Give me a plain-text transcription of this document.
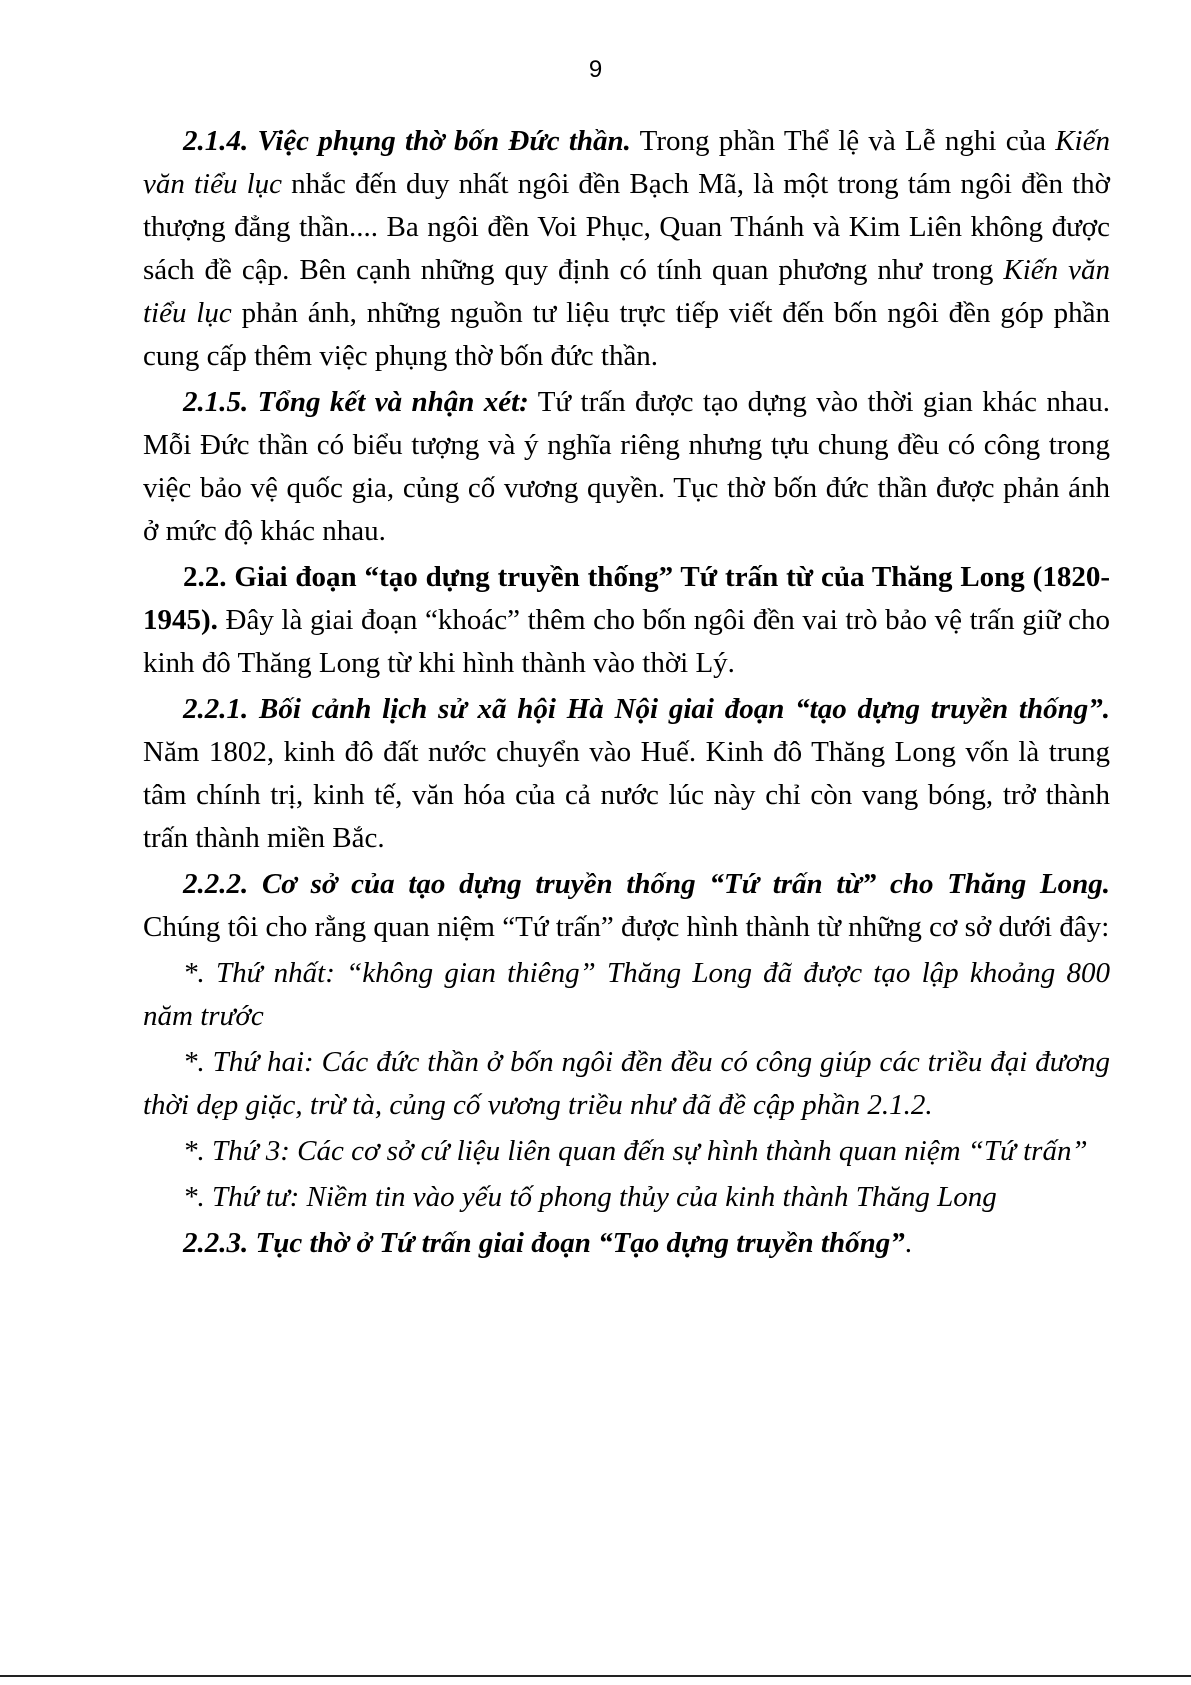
9

2.1.4. Việc phụng thờ bốn Đức thần. Trong phần Thể lệ và Lễ nghi của Kiến văn tiểu lục nhắc đến duy nhất ngôi đền Bạch Mã, là một trong tám ngôi đền thờ thượng đẳng thần.... Ba ngôi đền Voi Phục, Quan Thánh và Kim Liên không được sách đề cập. Bên cạnh những quy định có tính quan phương như trong Kiến văn tiểu lục phản ánh, những nguồn tư liệu trực tiếp viết đến bốn ngôi đền góp phần cung cấp thêm việc phụng thờ bốn đức thần.

2.1.5. Tổng kết và nhận xét: Tứ trấn được tạo dựng vào thời gian khác nhau. Mỗi Đức thần có biểu tượng và ý nghĩa riêng nhưng tựu chung đều có công trong việc bảo vệ quốc gia, củng cố vương quyền. Tục thờ bốn đức thần được phản ánh ở mức độ khác nhau.

2.2. Giai đoạn “tạo dựng truyền thống” Tứ trấn từ của Thăng Long (1820-1945). Đây là giai đoạn “khoác” thêm cho bốn ngôi đền vai trò bảo vệ trấn giữ cho kinh đô Thăng Long từ khi hình thành vào thời Lý.

2.2.1. Bối cảnh lịch sử xã hội Hà Nội giai đoạn “tạo dựng truyền thống”. Năm 1802, kinh đô đất nước chuyển vào Huế. Kinh đô Thăng Long vốn là trung tâm chính trị, kinh tế, văn hóa của cả nước lúc này chỉ còn vang bóng, trở thành trấn thành miền Bắc.

2.2.2. Cơ sở của tạo dựng truyền thống “Tứ trấn từ” cho Thăng Long. Chúng tôi cho rằng quan niệm “Tứ trấn” được hình thành từ những cơ sở dưới đây:

*. Thứ nhất: “không gian thiêng” Thăng Long đã được tạo lập khoảng 800 năm trước

*. Thứ hai: Các đức thần ở bốn ngôi đền đều có công giúp các triều đại đương thời dẹp giặc, trừ tà, củng cố vương triều như đã đề cập phần 2.1.2.

*. Thứ 3: Các cơ sở cứ liệu liên quan đến sự hình thành quan niệm “Tứ trấn”

*. Thứ tư: Niềm tin vào yếu tố phong thủy của kinh thành Thăng Long

2.2.3. Tục thờ ở Tứ trấn giai đoạn “Tạo dựng truyền thống”.
